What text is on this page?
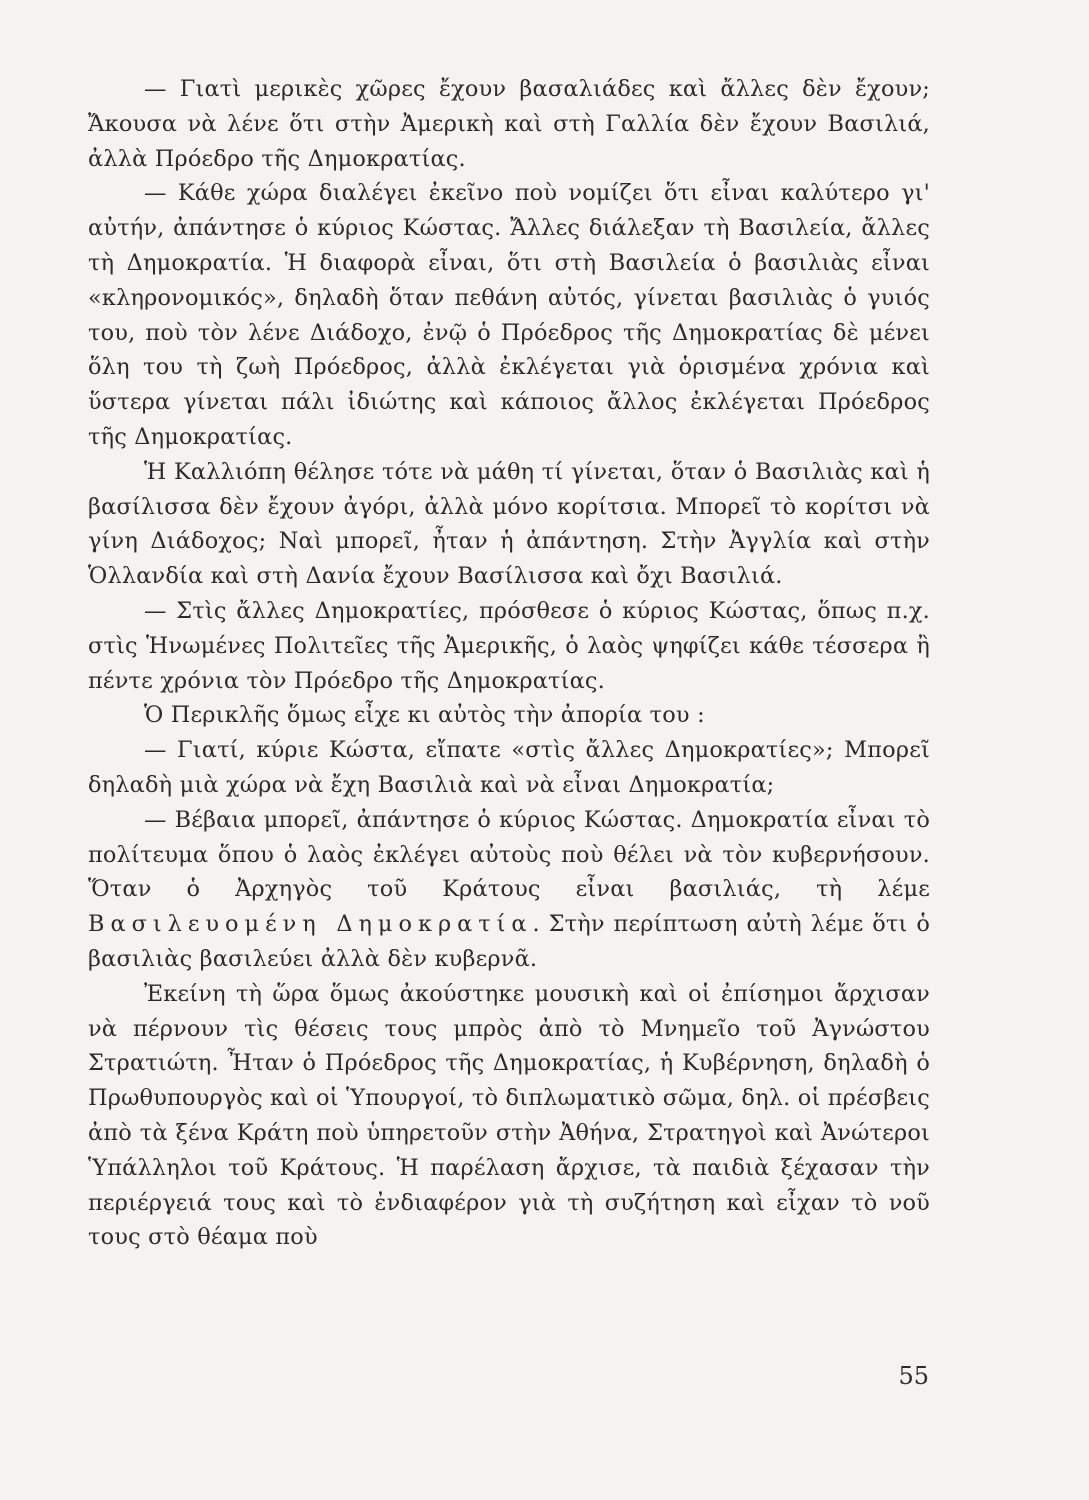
— Γιατὶ μερικὲς χῶρες ἔχουν βασαλιάδες καὶ ἄλλες δὲν ἔχουν; Ἄκουσα νὰ λένε ὅτι στὴν Ἀμερικὴ καὶ στὴ Γαλλία δὲν ἔχουν Βασιλιά, ἀλλὰ Πρόεδρο τῆς Δημοκρατίας.

— Κάθε χώρα διαλέγει ἐκεῖνο ποὺ νομίζει ὅτι εἶναι καλύτερο γι' αὐτήν, ἀπάντησε ὁ κύριος Κώστας. Ἄλλες διάλεξαν τὴ Βασιλεία, ἄλλες τὴ Δημοκρατία. Ἡ διαφορὰ εἶναι, ὅτι στὴ Βασιλεία ὁ βασιλιὰς εἶναι «κληρονομικός», δηλαδὴ ὅταν πεθάνη αὐτός, γίνεται βασιλιὰς ὁ γυιός του, ποὺ τὸν λένε Διάδοχο, ἐνῷ ὁ Πρόεδρος τῆς Δημοκρατίας δὲ μένει ὅλη του τὴ ζωὴ Πρόεδρος, ἀλλὰ ἐκλέγεται γιὰ ὁρισμένα χρόνια καὶ ὕστερα γίνεται πάλι ἰδιώτης καὶ κάποιος ἄλλος ἐκλέγεται Πρόεδρος τῆς Δημοκρατίας.

Ἡ Καλλιόπη θέλησε τότε νὰ μάθη τί γίνεται, ὅταν ὁ Βασιλιὰς καὶ ἡ βασίλισσα δὲν ἔχουν ἀγόρι, ἀλλὰ μόνο κορίτσια. Μπορεῖ τὸ κορίτσι νὰ γίνη Διάδοχος; Ναὶ μπορεῖ, ἦταν ἡ ἀπάντηση. Στὴν Ἀγγλία καὶ στὴν Ὁλλανδία καὶ στὴ Δανία ἔχουν Βασίλισσα καὶ ὄχι Βασιλιά.

— Στὶς ἄλλες Δημοκρατίες, πρόσθεσε ὁ κύριος Κώστας, ὅπως π.χ. στὶς Ἡνωμένες Πολιτεῖες τῆς Ἀμερικῆς, ὁ λαὸς ψηφίζει κάθε τέσσερα ἢ πέντε χρόνια τὸν Πρόεδρο τῆς Δημοκρατίας.

Ὁ Περικλῆς ὅμως εἶχε κι αὐτὸς τὴν ἀπορία του :

— Γιατί, κύριε Κώστα, εἴπατε «στὶς ἄλλες Δημοκρατίες»; Μπορεῖ δηλαδὴ μιὰ χώρα νὰ ἔχη Βασιλιὰ καὶ νὰ εἶναι Δημοκρατία;

— Βέβαια μπορεῖ, ἀπάντησε ὁ κύριος Κώστας. Δημοκρατία εἶναι τὸ πολίτευμα ὅπου ὁ λαὸς ἐκλέγει αὐτοὺς ποὺ θέλει νὰ τὸν κυβερνήσουν. Ὅταν ὁ Ἀρχηγὸς τοῦ Κράτους εἶναι βασιλιάς, τὴ λέμε Βασιλευομένη Δημοκρατία. Στὴν περίπτωση αὐτὴ λέμε ὅτι ὁ βασιλιὰς βασιλεύει ἀλλὰ δὲν κυβερνᾶ.

Ἐκείνη τὴ ὥρα ὅμως ἀκούστηκε μουσικὴ καὶ οἱ ἐπίσημοι ἄρχισαν νὰ πέρνουν τὶς θέσεις τους μπρὸς ἀπὸ τὸ Μνημεῖο τοῦ Ἀγνώστου Στρατιώτη. Ἦταν ὁ Πρόεδρος τῆς Δημοκρατίας, ἡ Κυβέρνηση, δηλαδὴ ὁ Πρωθυπουργὸς καὶ οἱ Ὑπουργοί, τὸ διπλωματικὸ σῶμα, δηλ. οἱ πρέσβεις ἀπὸ τὰ ξένα Κράτη ποὺ ὑπηρετοῦν στὴν Ἀθήνα, Στρατηγοὶ καὶ Ἀνώτεροι Ὑπάλληλοι τοῦ Κράτους. Ἡ παρέλαση ἄρχισε, τὰ παιδιὰ ξέχασαν τὴν περιέργειά τους καὶ τὸ ἐνδιαφέρον γιὰ τὴ συζήτηση καὶ εἶχαν τὸ νοῦ τους στὸ θέαμα ποὺ

55
